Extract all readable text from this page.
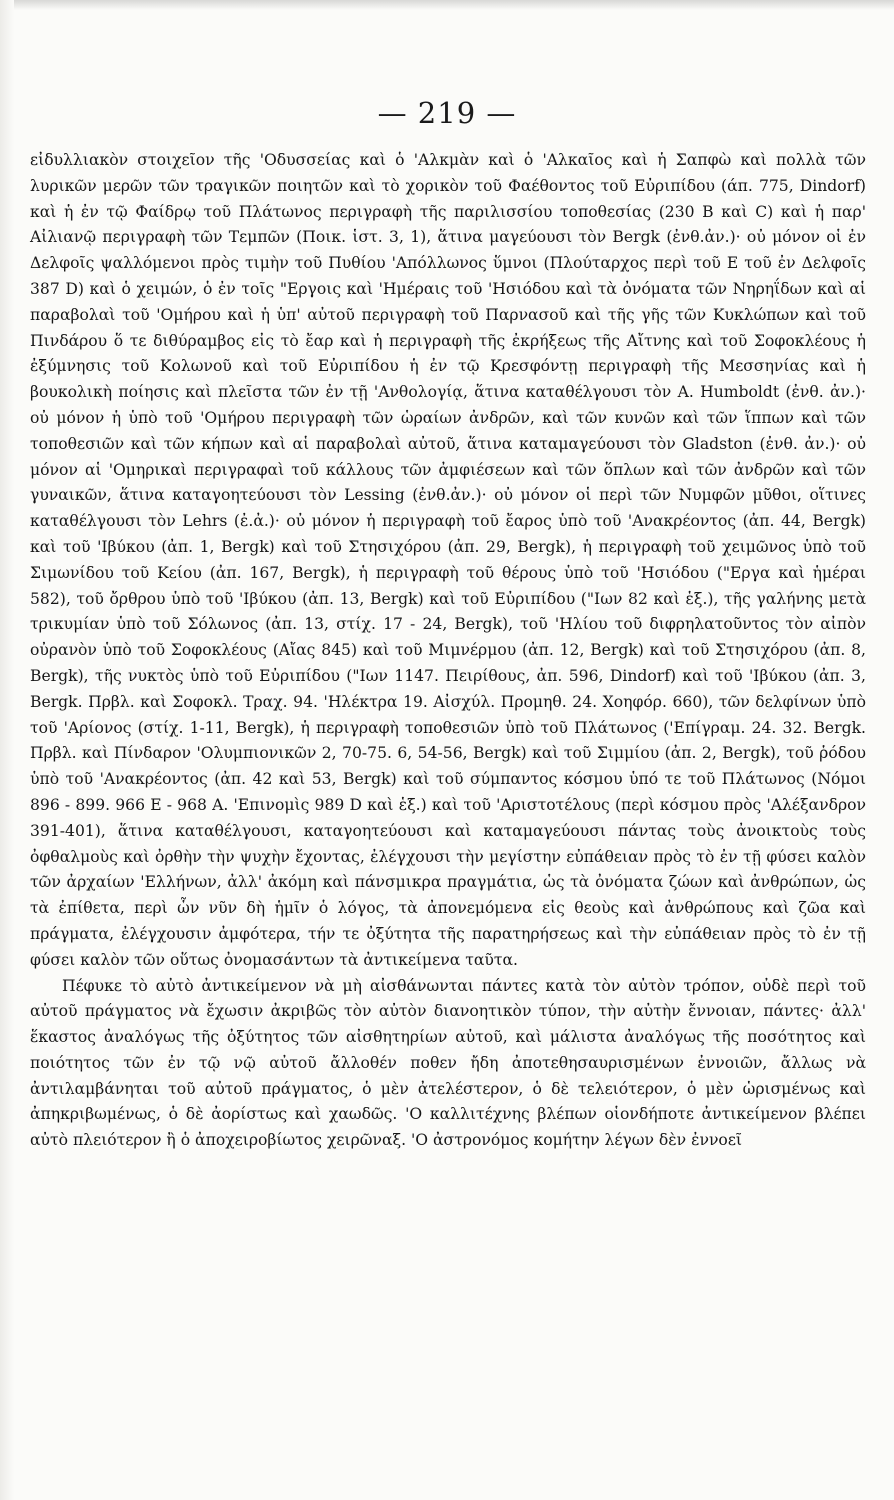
— 219 —

εἰδυλλιακὸν στοιχεῖον τῆς 'Οδυσσείας καὶ ὁ 'Αλκμὰν καὶ ὁ 'Αλκαῖος καὶ ἡ Σαπφὼ καὶ πολλὰ τῶν λυρικῶν μερῶν τῶν τραγικῶν ποιητῶν καὶ τὸ χορικὸν τοῦ Φαέθοντος τοῦ Εὐριπίδου (άπ. 775, Dindorf) καὶ ἡ ἐν τῷ Φαίδρῳ τοῦ Πλάτωνος περιγραφὴ τῆς παριλισσίου τοποθεσίας (230 B καὶ C) καὶ ἡ παρ' Αἰλιανῷ περιγραφὴ τῶν Τεμπῶν (Ποικ. ἱστ. 3, 1), ἅτινα μαγεύουσι τὸν Bergk (ἐνθ.ἀν.)· οὐ μόνον οἱ ἐν Δελφοῖς ψαλλόμενοι πρὸς τιμὴν τοῦ Πυθίου 'Απόλλωνος ὕμνοι (Πλούταρχος περὶ τοῦ E τοῦ ἐν Δελφοῖς 387 D) καὶ ὁ χειμών, ὁ ἐν τοῖς "Εργοις καὶ 'Ημέραις τοῦ 'Ησιόδου καὶ τὰ ὀνόματα τῶν Νηρηΐδων καὶ αἱ παραβολαὶ τοῦ 'Ομήρου καὶ ἡ ὑπ' αὐτοῦ περιγραφὴ τοῦ Παρνασοῦ καὶ τῆς γῆς τῶν Κυκλώπων καὶ τοῦ Πινδάρου ὅ τε διθύραμβος εἰς τὸ ἔαρ καὶ ἡ περιγραφὴ τῆς ἐκρήξεως τῆς Αἴτνης καὶ τοῦ Σοφοκλέους ἡ ἐξύμνησις τοῦ Κολωνοῦ καὶ τοῦ Εὐριπίδου ἡ ἐν τῷ Κρεσφόντῃ περιγραφὴ τῆς Μεσσηνίας καὶ ἡ βουκολικὴ ποίησις καὶ πλεῖστα τῶν ἐν τῇ 'Ανθολογίᾳ, ἅτινα καταθέλγουσι τὸν A. Humboldt (ἐνθ. ἀν.)· οὐ μόνον ἡ ὑπὸ τοῦ 'Ομήρου περιγραφὴ τῶν ὡραίων ἀνδρῶν, καὶ τῶν κυνῶν καὶ τῶν ἵππων καὶ τῶν τοποθεσιῶν καὶ τῶν κήπων καὶ αἱ παραβολαὶ αὐτοῦ, ἅτινα καταμαγεύουσι τὸν Gladston (ἐνθ. ἀν.)· οὐ μόνον αἱ 'Ομηρικαὶ περιγραφαὶ τοῦ κάλλους τῶν ἀμφιέσεων καὶ τῶν ὅπλων καὶ τῶν ἀνδρῶν καὶ τῶν γυναικῶν, ἅτινα καταγοητεύουσι τὸν Lessing (ἐνθ.ἀν.)· οὐ μόνον οἱ περὶ τῶν Νυμφῶν μῦθοι, οἵτινες καταθέλγουσι τὸν Lehrs (ἐ.ἀ.)· οὐ μόνον ἡ περιγραφὴ τοῦ ἔαρος ὑπὸ τοῦ 'Ανακρέοντος (ἀπ. 44, Bergk) καὶ τοῦ 'Ιβύκου (ἀπ. 1, Bergk) καὶ τοῦ Στησιχόρου (ἀπ. 29, Bergk), ἡ περιγραφὴ τοῦ χειμῶνος ὑπὸ τοῦ Σιμωνίδου τοῦ Κείου (ἀπ. 167, Bergk), ἡ περιγραφὴ τοῦ θέρους ὑπὸ τοῦ 'Ησιόδου ("Εργα καὶ ἡμέραι 582), τοῦ ὄρθρου ὑπὸ τοῦ 'Ιβύκου (ἀπ. 13, Bergk) καὶ τοῦ Εὐριπίδου ("Ιων 82 καὶ ἑξ.), τῆς γαλήνης μετὰ τρικυμίαν ὑπὸ τοῦ Σόλωνος (ἀπ. 13, στίχ. 17 - 24, Bergk), τοῦ 'Ηλίου τοῦ διφρηλατοῦντος τὸν αἰπὸν οὐρανὸν ὑπὸ τοῦ Σοφοκλέους (Αἴας 845) καὶ τοῦ Μιμνέρμου (ἀπ. 12, Bergk) καὶ τοῦ Στησιχόρου (ἀπ. 8, Bergk), τῆς νυκτὸς ὑπὸ τοῦ Εὐριπίδου ("Ιων 1147. Πειρίθους, ἀπ. 596, Dindorf) καὶ τοῦ 'Ιβύκου (ἀπ. 3, Bergk. Πρβλ. καὶ Σοφοκλ. Τραχ. 94. 'Ηλέκτρα 19. Αἰσχύλ. Προμηθ. 24. Χοηφόρ. 660), τῶν δελφίνων ὑπὸ τοῦ 'Αρίονος (στίχ. 1-11, Bergk), ἡ περιγραφὴ τοποθεσιῶν ὑπὸ τοῦ Πλάτωνος ('Επίγραμ. 24. 32. Bergk. Πρβλ. καὶ Πίνδαρον 'Ολυμπιονικῶν 2, 70-75. 6, 54-56, Bergk) καὶ τοῦ Σιμμίου (ἀπ. 2, Bergk), τοῦ ῥόδου ὑπὸ τοῦ 'Ανακρέοντος (ἀπ. 42 καὶ 53, Bergk) καὶ τοῦ σύμπαντος κόσμου ὑπό τε τοῦ Πλάτωνος (Νόμοι 896 - 899. 966 E - 968 A. 'Επινομὶς 989 D καὶ ἑξ.) καὶ τοῦ 'Αριστοτέλους (περὶ κόσμου πρὸς 'Αλέξανδρον 391-401), ἅτινα καταθέλγουσι, καταγοητεύουσι καὶ καταμαγεύουσι πάντας τοὺς ἀνοικτοὺς τοὺς ὀφθαλμοὺς καὶ ὀρθὴν τὴν ψυχὴν ἔχοντας, ἐλέγχουσι τὴν μεγίστην εὐπάθειαν πρὸς τὸ ἐν τῇ φύσει καλὸν τῶν ἀρχαίων 'Ελλήνων, ἀλλ' ἀκόμη καὶ πάνσμικρα πραγμάτια, ὡς τὰ ὀνόματα ζώων καὶ ἀνθρώπων, ὡς τὰ ἐπίθετα, περὶ ὧν νῦν δὴ ἡμῖν ὁ λόγος, τὰ ἀπονεμόμενα εἰς θεοὺς καὶ ἀνθρώπους καὶ ζῶα καὶ πράγματα, ἐλέγχουσιν ἀμφότερα, τήν τε ὀξύτητα τῆς παρατηρήσεως καὶ τὴν εὐπάθειαν πρὸς τὸ ἐν τῇ φύσει καλὸν τῶν οὕτως ὀνομασάντων τὰ ἀντικείμενα ταῦτα.

Πέφυκε τὸ αὐτὸ ἀντικείμενον νὰ μὴ αἰσθάνωνται πάντες κατὰ τὸν αὐτὸν τρόπον, οὐδὲ περὶ τοῦ αὐτοῦ πράγματος νὰ ἔχωσιν ἀκριβῶς τὸν αὐτὸν διανοητικὸν τύπον, τὴν αὐτὴν ἔννοιαν, πάντες· ἀλλ' ἕκαστος ἀναλόγως τῆς ὀξύτητος τῶν αἰσθητηρίων αὐτοῦ, καὶ μάλιστα ἀναλόγως τῆς ποσότητος καὶ ποιότητος τῶν ἐν τῷ νῷ αὐτοῦ ἄλλοθέν ποθεν ἤδη ἀποτεθησαυρισμένων ἐννοιῶν, ἄλλως νὰ ἀντιλαμβάνηται τοῦ αὐτοῦ πράγματος, ὁ μὲν ἀτελέστερον, ὁ δὲ τελειότερον, ὁ μὲν ὡρισμένως καὶ ἀπηκριβωμένως, ὁ δὲ ἀορίστως καὶ χαωδῶς. 'Ο καλλιτέχνης βλέπων οἱονδήποτε ἀντικείμενον βλέπει αὐτὸ πλειότερον ἢ ὁ ἀποχειροβίωτος χειρῶναξ. 'Ο ἀστρονόμος κομήτην λέγων δὲν ἐννοεῖ
